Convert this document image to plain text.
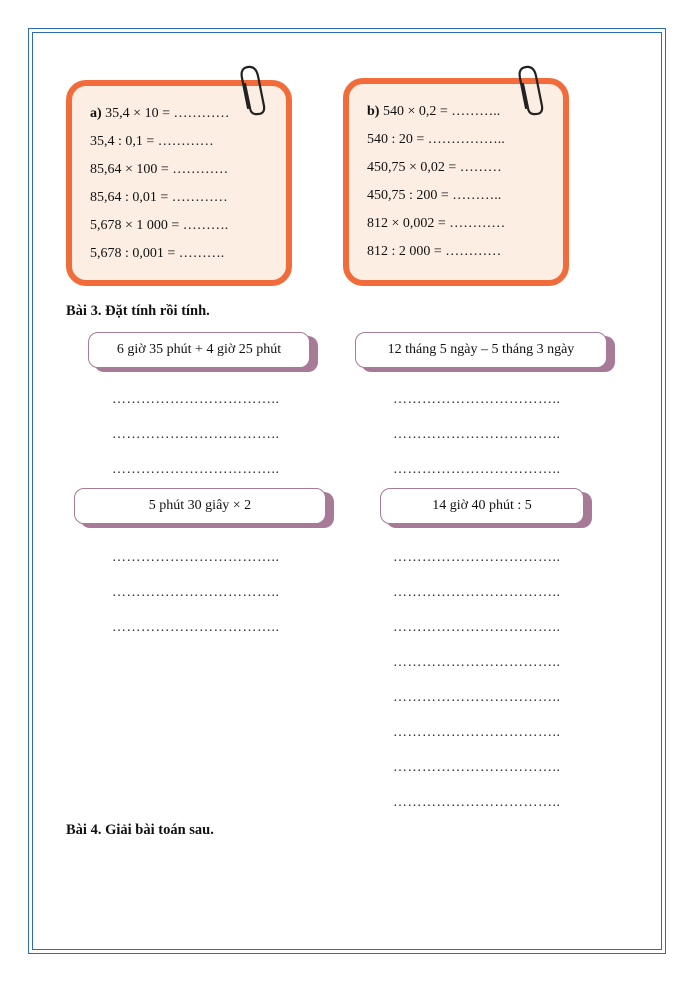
a) 35,4 × 10 = …………
35,4 : 0,1 = …………
85,64 × 100 = …………
85,64 : 0,01 = …………
5,678 × 1 000 = ……….
5,678 : 0,001 = ……….
b) 540 × 0,2 = ………..
540 : 20 = ……………..
450,75 × 0,02 = ………
450,75 : 200 = ………..
812 × 0,002 = …………
812 : 2 000 = …………
Bài 3. Đặt tính rồi tính.
6 giờ 35 phút + 4 giờ 25 phút	12 tháng 5 ngày – 5 tháng 3 ngày
……………………………..
……………………………..
……………………………..
……………………………..
……………………………..
……………………………..
5 phút 30 giây × 2	14 giờ 40 phút : 5
……………………………..
……………………………..
……………………………..
……………………………..
……………………………..
……………………………..
……………………………..
……………………………..
……………………………..
……………………………..
……………………………..
Bài 4. Giải bài toán sau.
